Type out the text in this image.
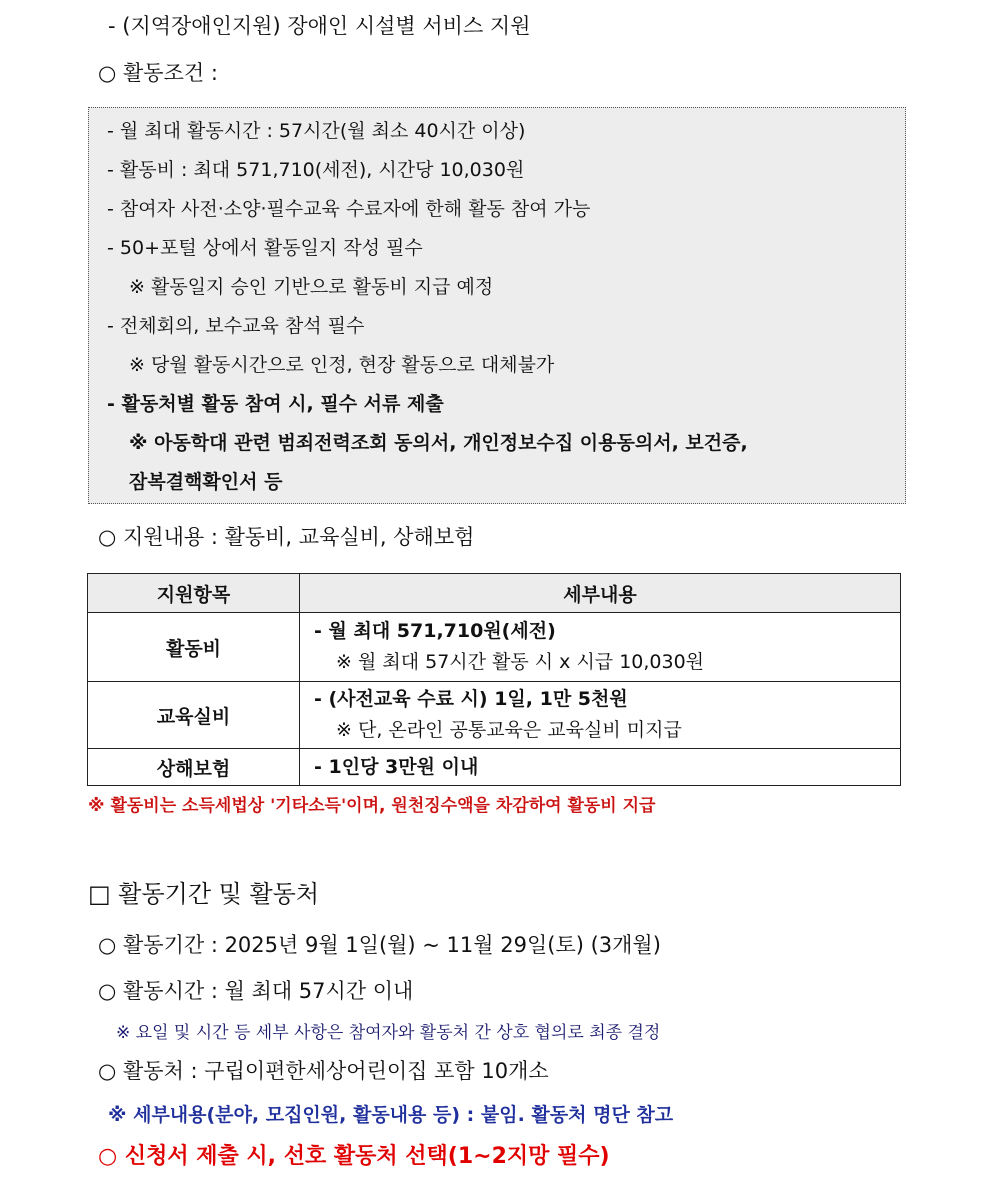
- (지역장애인지원) 장애인 시설별 서비스 지원
○ 활동조건 :
- 월 최대 활동시간 : 57시간(월 최소 40시간 이상)
- 활동비 : 최대 571,710(세전), 시간당 10,030원
- 참여자 사전·소양·필수교육 수료자에 한해 활동 참여 가능
- 50+포털 상에서 활동일지 작성 필수
※ 활동일지 승인 기반으로 활동비 지급 예정
- 전체회의, 보수교육 참석 필수
※ 당월 활동시간으로 인정, 현장 활동으로 대체불가
- 활동처별 활동 참여 시, 필수 서류 제출
※ 아동학대 관련 범죄전력조회 동의서, 개인정보수집 이용동의서, 보건증,
잠복결핵확인서 등
○ 지원내용 : 활동비, 교육실비, 상해보험
지원항목	세부내용
활동비	- 월 최대 571,710원(세전)
※ 월 최대 57시간 활동 시 x 시급 10,030원

교육실비	- (사전교육 수료 시) 1일, 1만 5천원
※ 단, 온라인 공통교육은 교육실비 미지급

상해보험	- 1인당 3만원 이내
※ 활동비는 소득세법상 '기타소득'이며, 원천징수액을 차감하여 활동비 지급
□ 활동기간 및 활동처
○ 활동기간 : 2025년 9월 1일(월) ~ 11월 29일(토) (3개월)
○ 활동시간 : 월 최대 57시간 이내
※ 요일 및 시간 등 세부 사항은 참여자와 활동처 간 상호 협의로 최종 결정
○ 활동처 : 구립이편한세상어린이집 포함 10개소
※ 세부내용(분야, 모집인원, 활동내용 등) : 붙임. 활동처 명단 참고
○ 신청서 제출 시, 선호 활동처 선택(1~2지망 필수)
